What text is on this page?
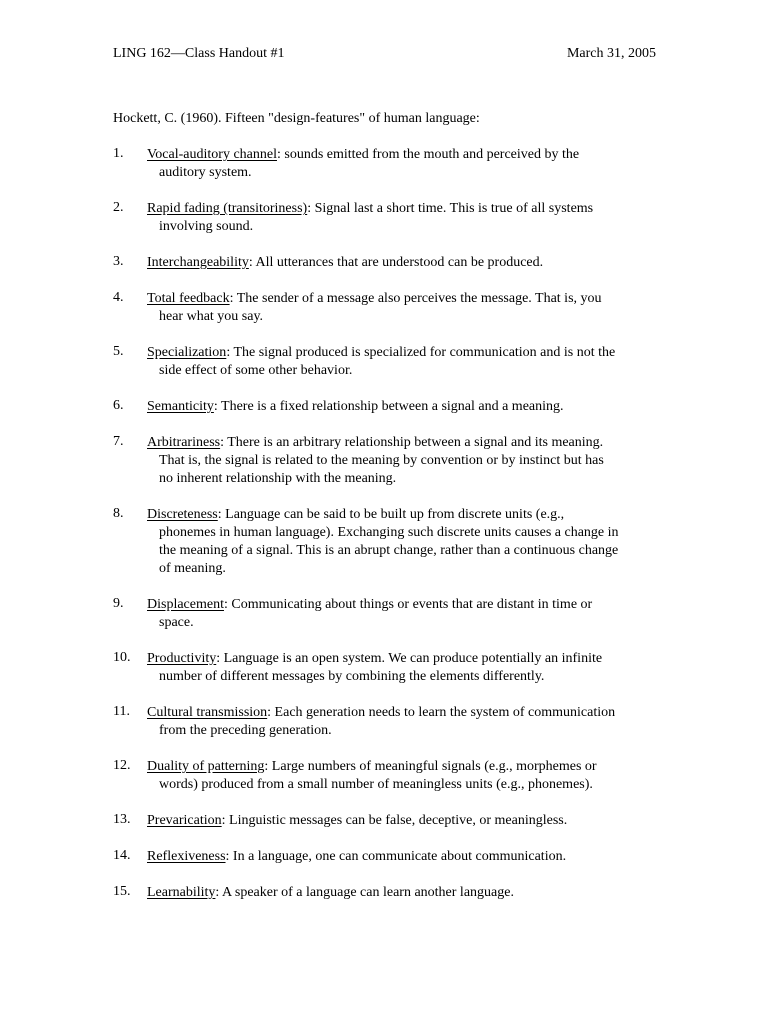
LING 162—Class Handout #1	March 31, 2005
Hockett, C. (1960). Fifteen "design-features" of human language:
1. Vocal-auditory channel: sounds emitted from the mouth and perceived by the
auditory system.
2. Rapid fading (transitoriness): Signal last a short time. This is true of all systems
involving sound.
3. Interchangeability: All utterances that are understood can be produced.
4. Total feedback: The sender of a message also perceives the message. That is, you
hear what you say.
5. Specialization: The signal produced is specialized for communication and is not the
side effect of some other behavior.
6. Semanticity: There is a fixed relationship between a signal and a meaning.
7. Arbitrariness: There is an arbitrary relationship between a signal and its meaning.
That is, the signal is related to the meaning by convention or by instinct but has
no inherent relationship with the meaning.
8. Discreteness: Language can be said to be built up from discrete units (e.g.,
phonemes in human language). Exchanging such discrete units causes a change in
the meaning of a signal. This is an abrupt change, rather than a continuous change
of meaning.
9. Displacement: Communicating about things or events that are distant in time or
space.
10. Productivity: Language is an open system. We can produce potentially an infinite
number of different messages by combining the elements differently.
11. Cultural transmission: Each generation needs to learn the system of communication
from the preceding generation.
12. Duality of patterning: Large numbers of meaningful signals (e.g., morphemes or
words) produced from a small number of meaningless units (e.g., phonemes).
13. Prevarication: Linguistic messages can be false, deceptive, or meaningless.
14. Reflexiveness: In a language, one can communicate about communication.
15. Learnability: A speaker of a language can learn another language.
